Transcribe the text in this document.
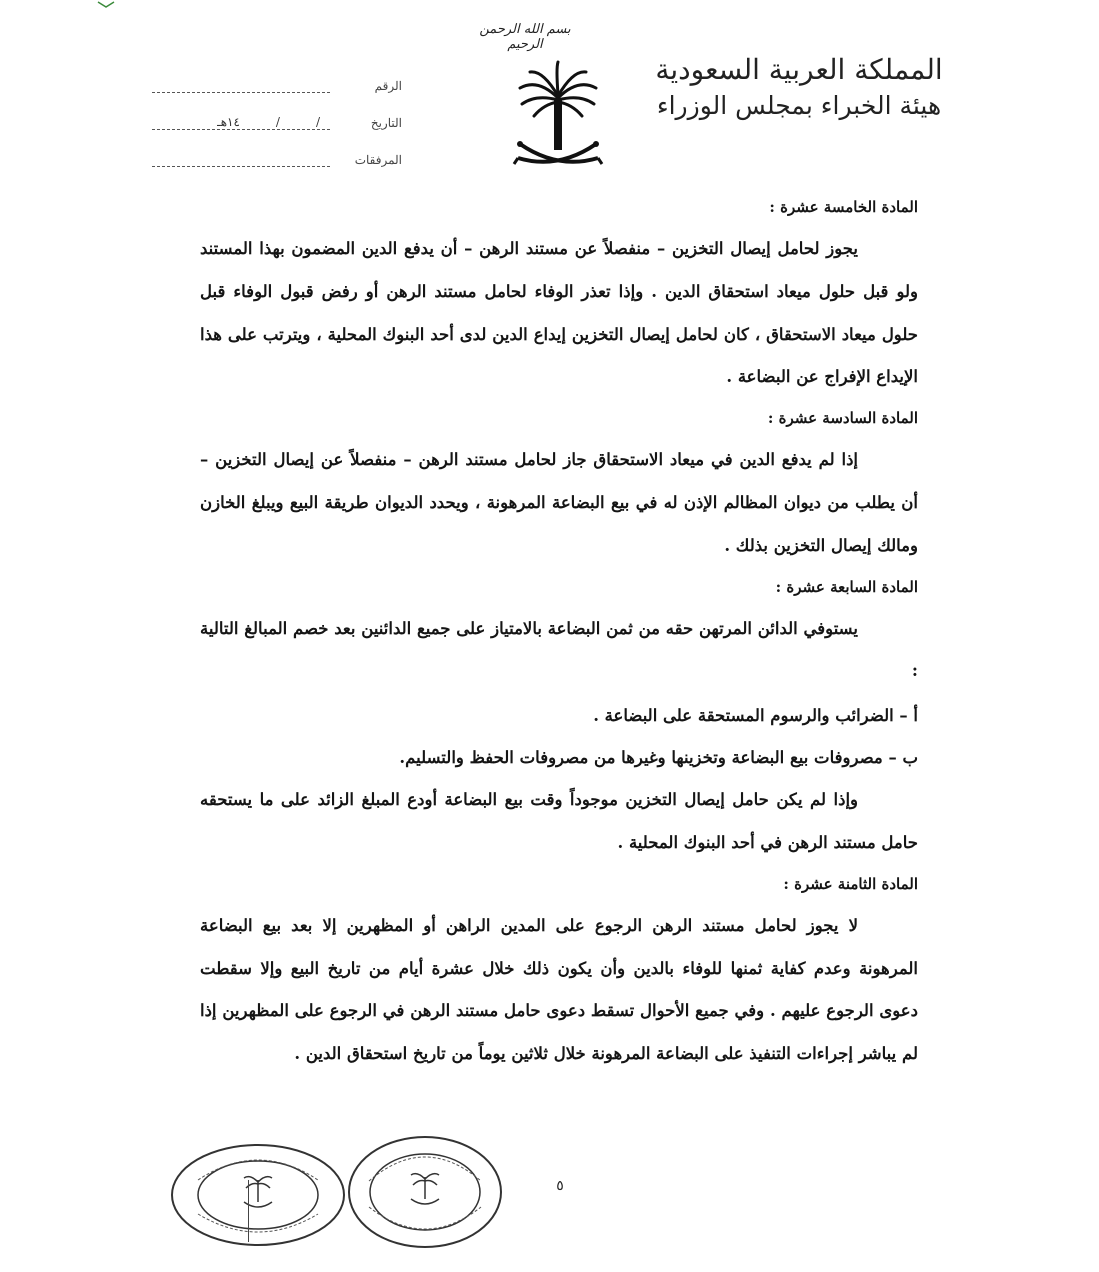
بسم الله الرحمن الرحيم
المملكة العربية السعودية
هيئة الخبراء بمجلس الوزراء
الرقم
التاريخ
١٤هـ	/	/
المرفقات
المادة الخامسة عشرة :

يجوز لحامل إيصال التخزين – منفصلاً عن مستند الرهن – أن يدفع الدين المضمون بهذا المستند ولو قبل حلول ميعاد استحقاق الدين . وإذا تعذر الوفاء لحامل مستند الرهن أو رفض قبول الوفاء قبل حلول ميعاد الاستحقاق ، كان لحامل إيصال التخزين إيداع الدين لدى أحد البنوك المحلية ، ويترتب على هذا الإيداع الإفراج عن البضاعة .

المادة السادسة عشرة :

إذا لم يدفع الدين في ميعاد الاستحقاق جاز لحامل مستند الرهن – منفصلاً عن إيصال التخزين – أن يطلب من ديوان المظالم الإذن له في بيع البضاعة المرهونة ، ويحدد الديوان طريقة البيع ويبلغ الخازن ومالك إيصال التخزين بذلك .

المادة السابعة عشرة :

يستوفي الدائن المرتهن حقه من ثمن البضاعة بالامتياز على جميع الدائنين بعد خصم المبالغ التالية :

أ – الضرائب والرسوم المستحقة على البضاعة .
ب – مصروفات بيع البضاعة وتخزينها وغيرها من مصروفات الحفظ والتسليم.

وإذا لم يكن حامل إيصال التخزين موجوداً وقت بيع البضاعة أودع المبلغ الزائد على ما يستحقه حامل مستند الرهن في أحد البنوك المحلية .

المادة الثامنة عشرة :

لا يجوز لحامل مستند الرهن الرجوع على المدين الراهن أو المظهرين إلا بعد بيع البضاعة المرهونة وعدم كفاية ثمنها للوفاء بالدين وأن يكون ذلك خلال عشرة أيام من تاريخ البيع وإلا سقطت دعوى الرجوع عليهم . وفي جميع الأحوال تسقط دعوى حامل مستند الرهن في الرجوع على المظهرين إذا لم يباشر إجراءات التنفيذ على البضاعة المرهونة خلال ثلاثين يوماً من تاريخ استحقاق الدين .

٥
